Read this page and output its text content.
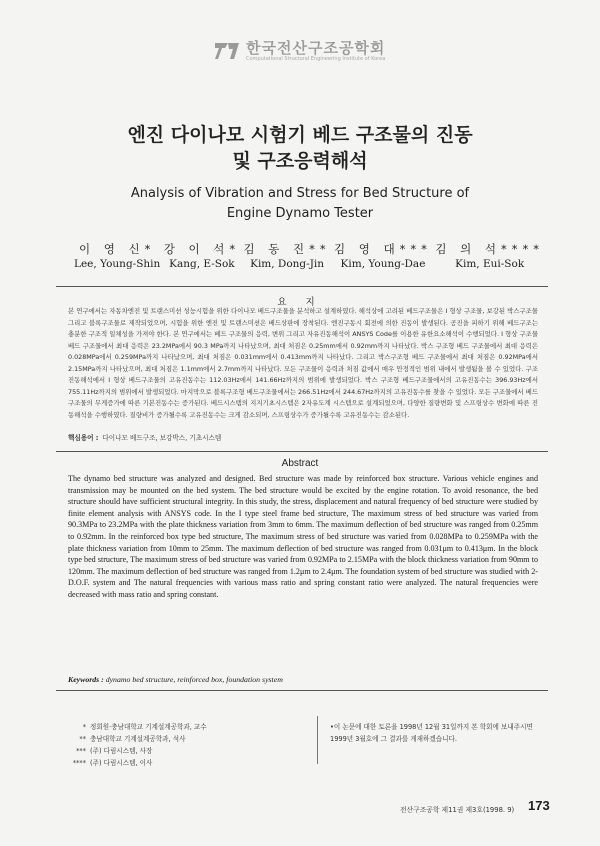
한국전산구조공학회
Computational Structural Engineering Institute of Korea
엔진 다이나모 시험기 베드 구조물의 진동
및 구조응력해석
Analysis of Vibration and Stress for Bed Structure of
Engine Dynamo Tester
이 영 신*
Lee, Young-Shin
강 이 석*
Kang, E-Sok
김 동 진**
Kim, Dong-Jin
김 영 대***
Kim, Young-Dae
김 의 석****
Kim, Eui-Sok
요 지
본 연구에서는 자동차엔진 및 트랜스미션 성능시험을 위한 다이나모 베드구조물을 분석하고 설계하였다. 해석상에 고려된 베드구조물은 I 형상 구조물, 보강된 박스구조물 그리고 블록구조물로 제작되었으며, 시험을 위한 엔진 및 트랜스미션은 베드상판에 장착된다. 엔진구동시 회전에 의한 진동이 발생된다. 공진을 피하기 위해 베드구조는 충분한 구조적 일체성을 가져야 한다. 본 연구에서는 베드 구조물의 응력, 변위 그리고 자유진동해석이 ANSYS Code를 이용한 유한요소해석이 수행되었다. I 형상 구조물 베드 구조물에서 최대 응력은 23.2MPa에서 90.3 MPa까지 나타났으며, 최대 처짐은 0.25mm에서 0.92mm까지 나타났다. 박스 구조형 베드 구조물에서 최대 응력은 0.028MPa에서 0.259MPa까지 나타났으며, 최대 처짐은 0.031mm에서 0.413mm까지 나타났다. 그리고 박스구조형 베드 구조물에서 최대 처짐은 0.92MPa에서 2.15MPa까지 나타났으며, 최대 처짐은 1.1mm에서 2.7mm까지 나타났다. 모든 구조물이 응력과 처짐 값에서 매우 안정적인 범위 내에서 발생됨을 볼 수 있었다. 구조진동해석에서 I 형상 베드구조물의 고유진동수는 112.03Hz에서 141.66Hz까지의 범위에 발생되었다. 박스 구조형 베드구조물에서의 고유진동수는 396.93Hz에서 755.11Hz까지의 범위에서 발생되었다. 마지막으로 블록구조형 베드구조물에서는 266.51Hz에서 244.67Hz까지의 고유진동수를 찾을 수 있었다. 모든 구조물에서 베드구조물의 무게증가에 따른 기본진동수는 증가된다. 베드시스템의 지지기초시스템은 2자유도계 시스템으로 설계되었으며, 다양한 질량변화 및 스프링상수 변화에 따른 진동해석을 수행하였다. 질량비가 증가될수록 고유진동수는 크게 감소되며, 스프링상수가 증가될수록 고유진동수는 감소된다.
핵심용어 : 다이나모 베드구조, 보강박스, 기초시스템
Abstract
The dynamo bed structure was analyzed and designed. Bed structure was made by reinforced box structure. Various vehicle engines and transmission may be mounted on the bed system. The bed structure would be excited by the engine rotation. To avoid resonance, the bed structure should have sufficient structural integrity. In this study, the stress, displacement and natural frequency of bed structure were studied by finite element analysis with ANSYS code. In the I type steel frame bed structure, The maximum stress of bed structure was varied from 90.3MPa to 23.2MPa with the plate thickness variation from 3mm to 6mm. The maximum deflection of bed structure was ranged from 0.25mm to 0.92mm. In the reinforced box type bed structure, The maximum stress of bed structure was varied from 0.028MPa to 0.259MPa with the plate thickness variation from 10mm to 25mm. The maximum deflection of bed structure was ranged from 0.031μm to 0.413μm. In the block type bed structure, The maximum stress of bed structure was varied from 0.92MPa to 2.15MPa with the block thickness variation from 90mm to 120mm. The maximum deflection of bed structure was ranged from 1.2μm to 2.4μm. The foundation system of bed structure was studied with 2-D.O.F. system and The natural frequencies with various mass ratio and spring constant ratio were analyzed. The natural frequencies were decreased with mass ratio and spring constant.
Keywords : dynamo bed structure, reinforced box, foundation system
* 정회원·충남대학교 기계설계공학과, 교수
** 충남대학교 기계설계공학과, 석사
*** (주) 다림시스템, 사장
**** (주) 다림시스템, 이사
•이 논문에 대한 토론을 1998년 12월 31일까지 본 학회에 보내주시면 1999년 3월호에 그 결과를 게재하겠습니다.
전산구조공학 제11권 제3호(1998. 9) 173
